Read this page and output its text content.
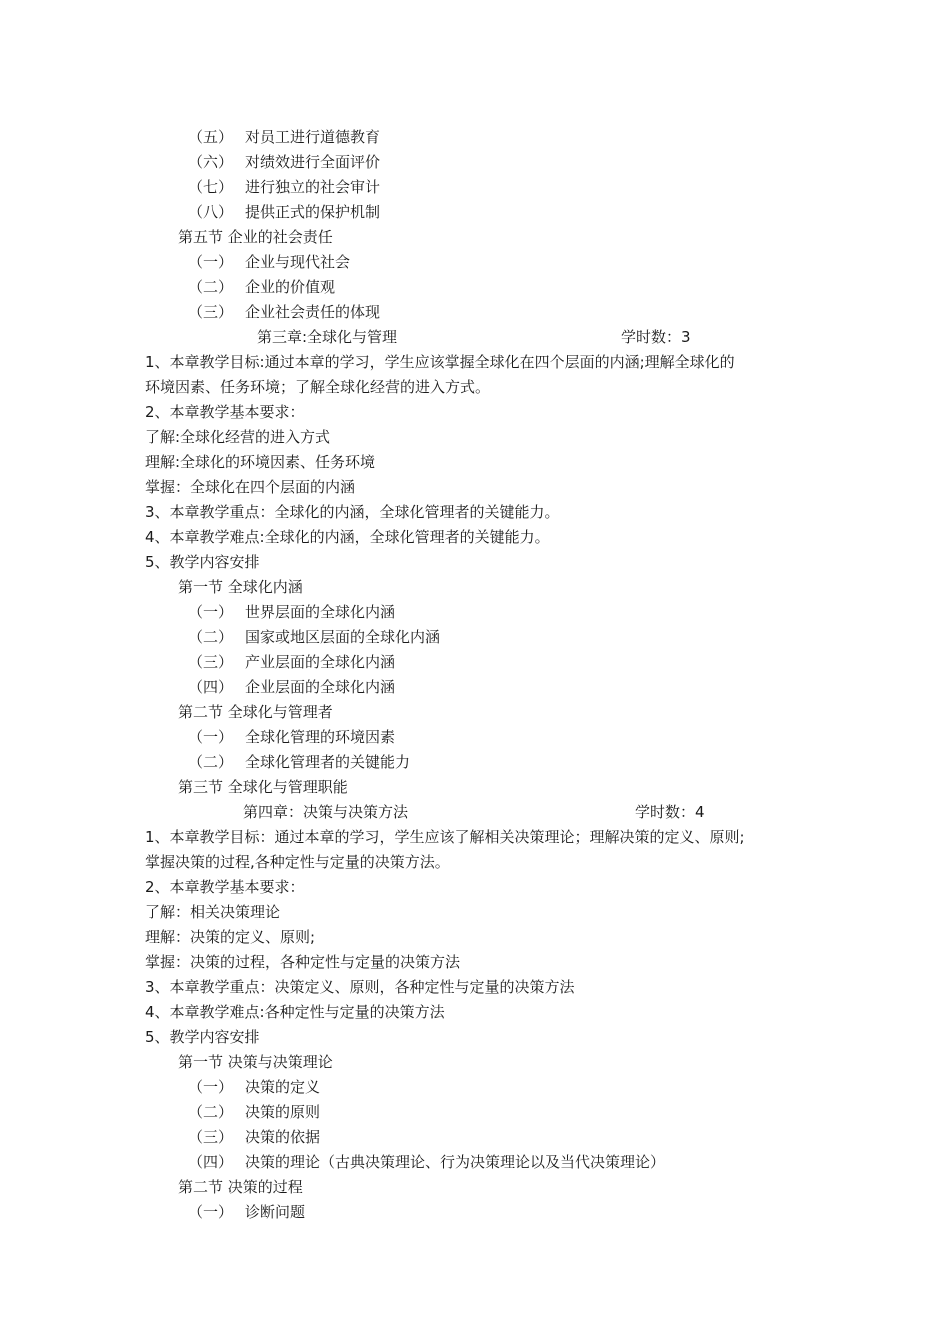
（五） 对员工进行道德教育
（六） 对绩效进行全面评价
（七） 进行独立的社会审计
（八） 提供正式的保护机制
第五节 企业的社会责任
（一） 企业与现代社会
（二） 企业的价值观
（三） 企业社会责任的体现
第三章:全球化与管理	学时数：3
1、本章教学目标:通过本章的学习，学生应该掌握全球化在四个层面的内涵;理解全球化的
环境因素、任务环境；了解全球化经营的进入方式。
2、本章教学基本要求：
了解:全球化经营的进入方式
理解:全球化的环境因素、任务环境
掌握：全球化在四个层面的内涵
3、本章教学重点：全球化的内涵，全球化管理者的关键能力。
4、本章教学难点:全球化的内涵，全球化管理者的关键能力。
5、教学内容安排
第一节 全球化内涵
（一） 世界层面的全球化内涵
（二） 国家或地区层面的全球化内涵
（三） 产业层面的全球化内涵
（四） 企业层面的全球化内涵
第二节 全球化与管理者
（一） 全球化管理的环境因素
（二） 全球化管理者的关键能力
第三节 全球化与管理职能
第四章：决策与决策方法	学时数：4
1、本章教学目标：通过本章的学习，学生应该了解相关决策理论；理解决策的定义、原则;
掌握决策的过程,各种定性与定量的决策方法。
2、本章教学基本要求：
了解：相关决策理论
理解：决策的定义、原则;
掌握：决策的过程，各种定性与定量的决策方法
3、本章教学重点：决策定义、原则，各种定性与定量的决策方法
4、本章教学难点:各种定性与定量的决策方法
5、教学内容安排
第一节 决策与决策理论
（一） 决策的定义
（二） 决策的原则
（三） 决策的依据
（四） 决策的理论（古典决策理论、行为决策理论以及当代决策理论）
第二节 决策的过程
（一） 诊断问题
